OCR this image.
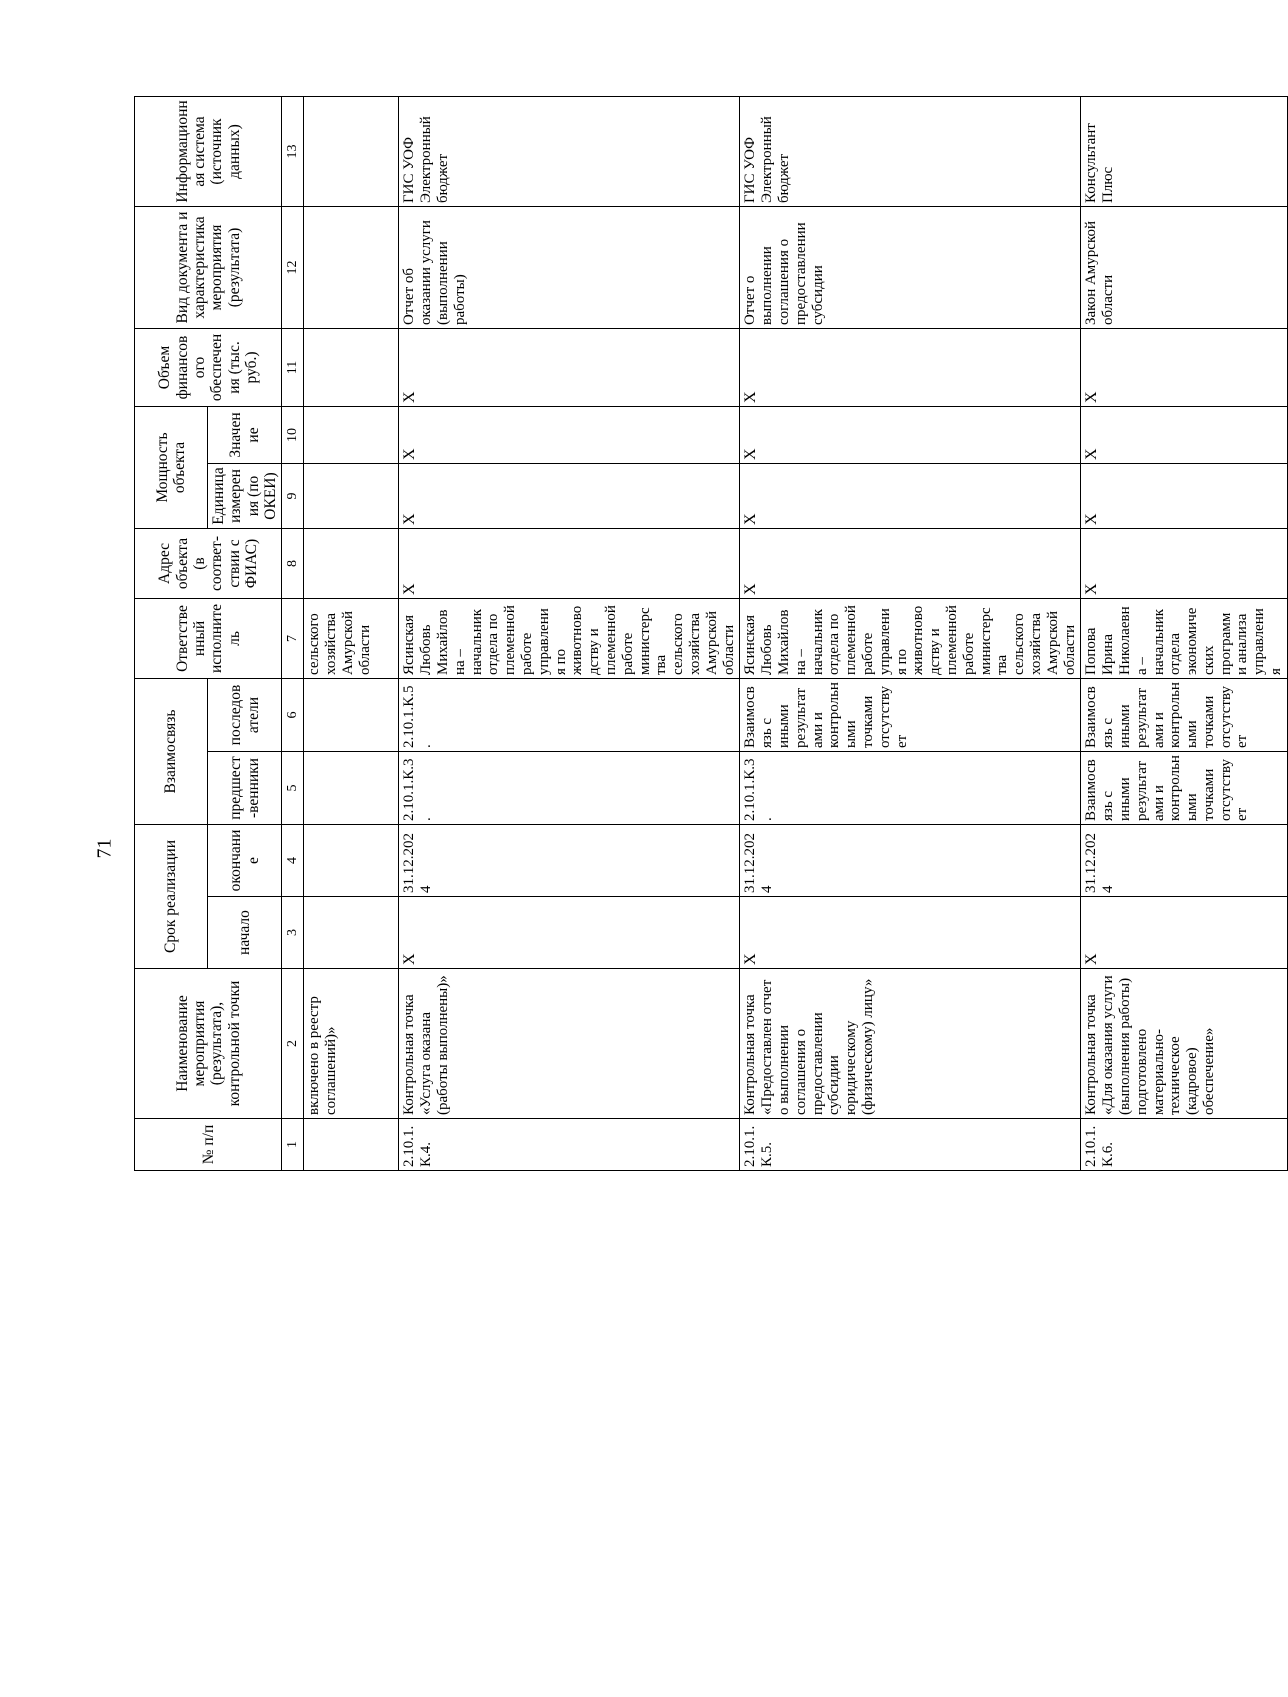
71
№ п/п	Наименование мероприятия (результата), контрольной точки	Срок реализации		Взаимосвязь		Ответственный исполнитель	Адрес объекта (в соответ-ствии с ФИАС)	Мощность объекта		Объем финансового обеспечения (тыс. руб.)	Вид документа и характеристика мероприятия (результата)	Информационная система (источник данных)
		начало	окончание	предшест-венники	последователи			Единица измерения (по ОКЕИ)	Значение			
1	2	3	4	5	6	7	8	9	10	11	12	13
	включено в реестр соглашений)»					сельского хозяйства Амурской области						
2.10.1.К.4.	Контрольная точка «Услуга оказана (работы выполнены)»	X	31.12.2024	2.10.1.К.3.	2.10.1.К.5.	Ясинская Любовь Михайловна – начальник отдела по племенной работе управления по животноводству и племенной работе министерства сельского хозяйства Амурской области	X	X	X	X	Отчет об оказании услуги (выполнении работы)	ГИС УОФ Электронный бюджет
2.10.1.К.5.	Контрольная точка «Предоставлен отчет о выполнении соглашения о предоставлении субсидии юридическому (физическому) лицу»	X	31.12.2024	2.10.1.К.3.	Взаимосвязь с иными результатами и контрольными точками отсутствует	Ясинская Любовь Михайловна – начальник отдела по племенной работе управления по животноводству и племенной работе министерства сельского хозяйства Амурской области	X	X	X	X	Отчет о выполнении соглашения о предоставлении субсидии	ГИС УОФ Электронный бюджет
2.10.1.К.6.	Контрольная точка «Для оказания услуги (выполнения работы) подготовлено материально-техническое (кадровое) обеспечение»	X	31.12.2024	Взаимосвязь с иными результатами и контрольными точками отсутствует	Взаимосвязь с иными результатами и контрольными точками отсутствует	Попова Ирина Николаевна – начальник отдела экономических программ и анализа управления	X	X	X	X	Закон Амурской области	Консультант Плюс
